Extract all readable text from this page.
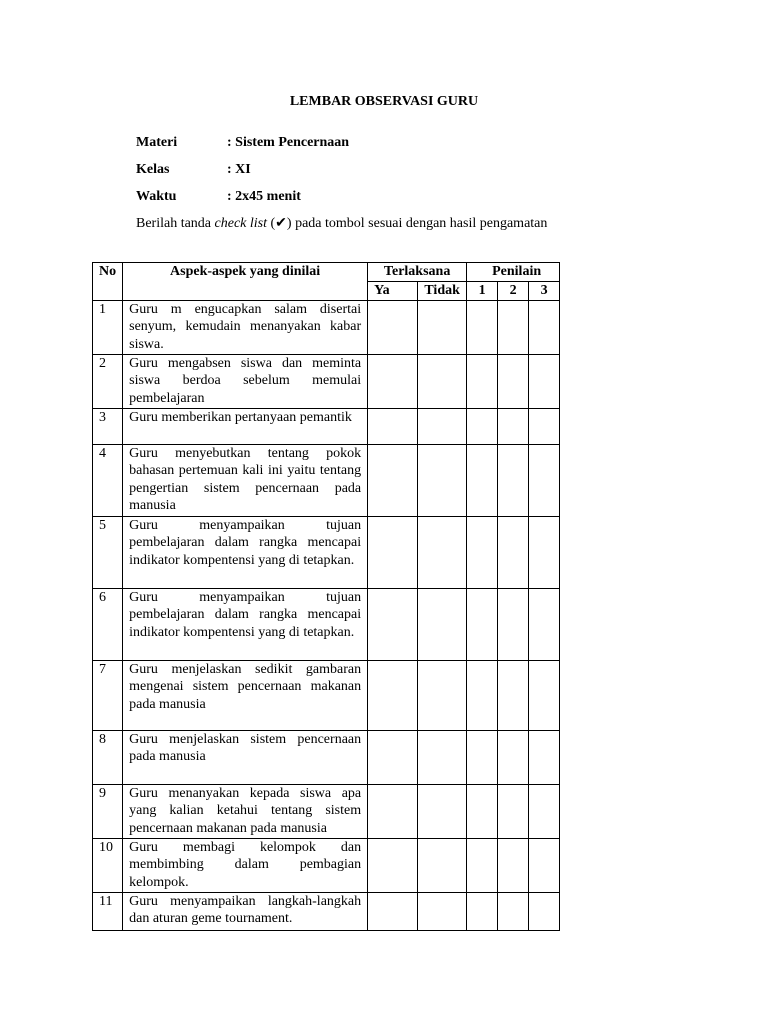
LEMBAR OBSERVASI GURU
Materi	: Sistem Pencernaan
Kelas	: XI
Waktu	: 2x45 menit
Berilah tanda check list (✔) pada tombol sesuai dengan hasil pengamatan
No	Aspek-aspek yang dinilai	Terlaksana		Penilain		
		Ya	Tidak	1	2	3
1	Guru m engucapkan salam disertai senyum, kemudain menanyakan kabar siswa.					
2	Guru mengabsen siswa dan meminta siswa berdoa sebelum memulai pembelajaran					
3	Guru memberikan pertanyaan pemantik					
4	Guru menyebutkan tentang pokok bahasan pertemuan kali ini yaitu tentang pengertian sistem pencernaan pada manusia					
5	Guru menyampaikan tujuan pembelajaran dalam rangka mencapai indikator kompentensi yang di tetapkan.					
6	Guru menyampaikan tujuan pembelajaran dalam rangka mencapai indikator kompentensi yang di tetapkan.					
7	Guru menjelaskan sedikit gambaran mengenai sistem pencernaan makanan pada manusia					
8	Guru menjelaskan sistem pencernaan pada manusia					
9	Guru menanyakan kepada siswa apa yang kalian ketahui tentang sistem pencernaan makanan pada manusia					
10	Guru membagi kelompok dan membimbing dalam pembagian kelompok.					
11	Guru menyampaikan langkah-langkah dan aturan geme tournament.					
